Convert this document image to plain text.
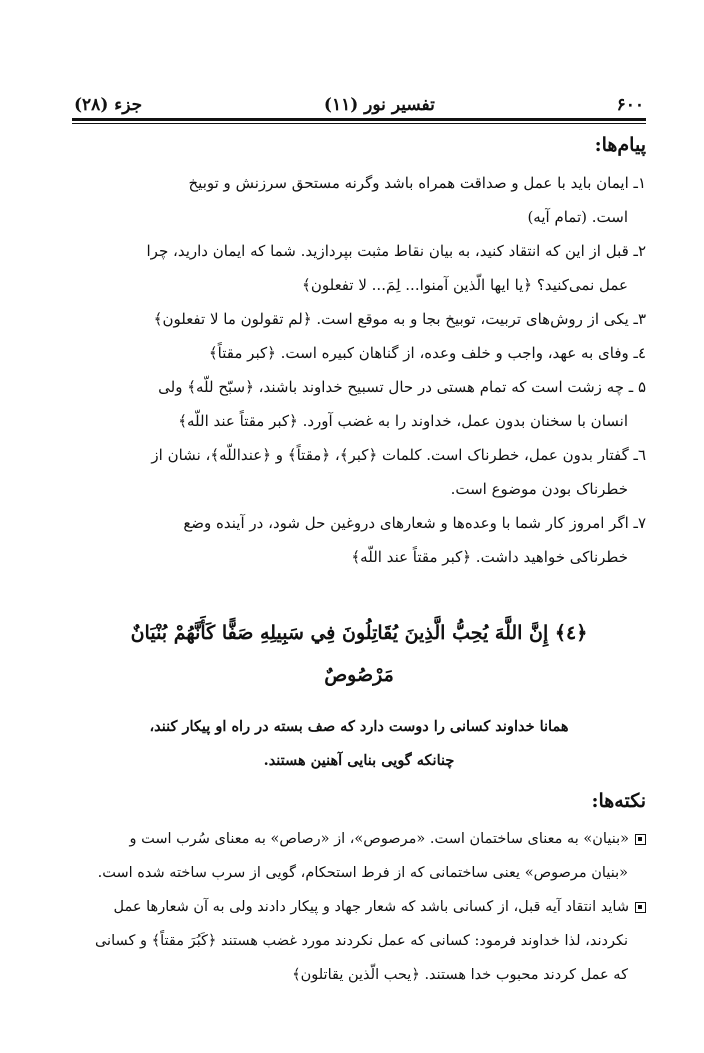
۶۰۰
تفسیر نور (۱۱)
جزء (۲۸)
پیام‌ها:
۱ـ ایمان باید با عمل و صداقت همراه باشد وگرنه مستحق سرزنش و توبیخ
است. (تمام آیه)
۲ـ قبل از این که انتقاد کنید، به بیان نقاط مثبت بپردازید. شما که ایمان دارید، چرا
عمل نمی‌کنید؟ ﴿یا ایها الّذین آمنوا... لِمَ... لا تفعلون﴾
۳ـ یکی از روش‌های تربیت، توبیخ بجا و به موقع است. ﴿لم تقولون ما لا تفعلون﴾
٤ـ وفای به عهد، واجب و خلف وعده، از گناهان کبیره است. ﴿کبر مقتاً﴾
۵ ـ چه زشت است که تمام هستی در حال تسبیح خداوند باشند، ﴿سبّح للّه﴾ ولی
انسان با سخنان بدون عمل، خداوند را به غضب آورد. ﴿کبر مقتاً عند اللّه﴾
٦ـ گفتار بدون عمل، خطرناک است. کلمات ﴿کبر﴾، ﴿مقتاً﴾ و ﴿عنداللّه﴾، نشان از
خطرناک بودن موضوع است.
۷ـ اگر امروز کار شما با وعده‌ها و شعارهای دروغین حل شود، در آینده وضع
خطرناکی خواهید داشت. ﴿کبر مقتاً عند اللّه﴾
﴿٤﴾ إِنَّ اللَّهَ يُحِبُّ الَّذِينَ يُقَاتِلُونَ فِي سَبِيلِهِ صَفًّا كَأَنَّهُمْ بُنْيَانٌ
مَرْصُوصٌ
همانا خداوند کسانی را دوست دارد که صف بسته در راه او پیکار کنند،
چنانکه گویی بنایی آهنین هستند.
نکته‌ها:
«بنیان» به معنای ساختمان است. «مرصوص»، از «رصاص» به معنای سُرب است و
«بنیان مرصوص» یعنی ساختمانی که از فرط استحکام، گویی از سرب ساخته شده است.
شاید انتقاد آیه قبل، از کسانی باشد که شعار جهاد و پیکار دادند ولی به آن شعارها عمل
نکردند، لذا خداوند فرمود: کسانی که عمل نکردند مورد غضب هستند ﴿کَبُرَ مقتاً﴾ و کسانی
که عمل کردند محبوب خدا هستند. ﴿یحب الّذین یقاتلون﴾
